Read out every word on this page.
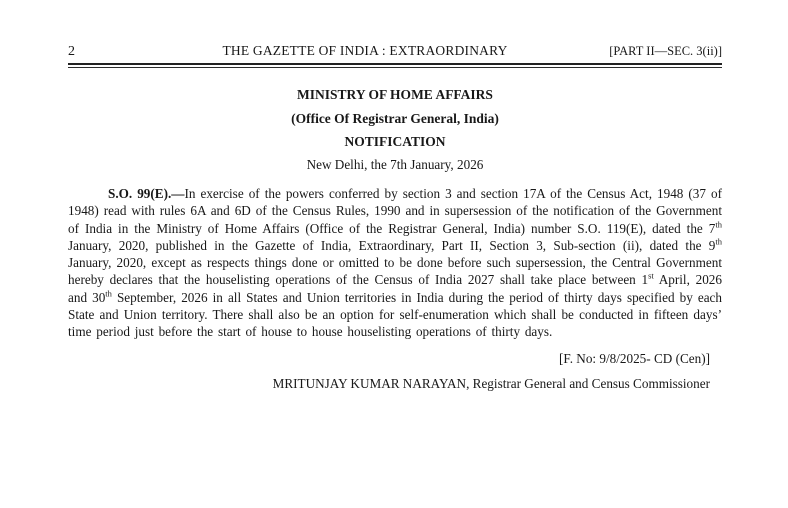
2	THE GAZETTE OF INDIA : EXTRAORDINARY	[PART II—SEC. 3(ii)]
MINISTRY OF HOME AFFAIRS
(Office Of Registrar General, India)
NOTIFICATION
New Delhi, the 7th January, 2026

S.O. 99(E).—In exercise of the powers conferred by section 3 and section 17A of the Census Act, 1948 (37 of 1948) read with rules 6A and 6D of the Census Rules, 1990 and in supersession of the notification of the Government of India in the Ministry of Home Affairs (Office of the Registrar General, India) number S.O. 119(E), dated the 7th January, 2020, published in the Gazette of India, Extraordinary, Part II, Section 3, Sub-section (ii), dated the 9th January, 2020, except as respects things done or omitted to be done before such supersession, the Central Government hereby declares that the houselisting operations of the Census of India 2027 shall take place between 1st April, 2026 and 30th September, 2026 in all States and Union territories in India during the period of thirty days specified by each State and Union territory. There shall also be an option for self-enumeration which shall be conducted in fifteen days’ time period just before the start of house to house houselisting operations of thirty days.

[F. No: 9/8/2025- CD (Cen)]
MRITUNJAY KUMAR NARAYAN, Registrar General and Census Commissioner
